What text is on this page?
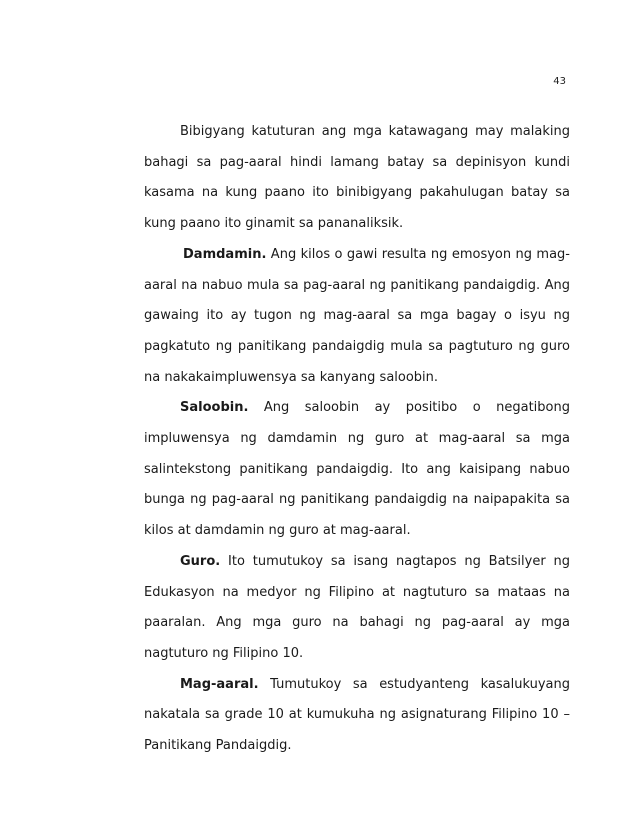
43

Bibigyang katuturan ang mga katawagang may malaking bahagi sa pag-aaral hindi lamang batay sa depinisyon kundi kasama na kung paano ito binibigyang pakahulugan batay sa kung paano ito ginamit sa pananaliksik.

Damdamin. Ang kilos o gawi resulta ng emosyon ng mag-aaral na nabuo mula sa pag-aaral ng panitikang pandaigdig. Ang gawaing ito ay tugon ng mag-aaral sa mga bagay o isyu ng pagkatuto ng panitikang pandaigdig mula sa pagtuturo ng guro na nakakaimpluwensya sa kanyang saloobin.

Saloobin. Ang saloobin ay positibo o negatibong impluwensya ng damdamin ng guro at mag-aaral sa mga salintekstong panitikang pandaigdig. Ito ang kaisipang nabuo bunga ng pag-aaral ng panitikang pandaigdig na naipapakita sa kilos at damdamin ng guro at mag-aaral.

Guro. Ito tumutukoy sa isang nagtapos ng Batsilyer ng Edukasyon na medyor ng Filipino at nagtuturo sa mataas na paaralan. Ang mga guro na bahagi ng pag-aaral ay mga nagtuturo ng Filipino 10.

Mag-aaral. Tumutukoy sa estudyanteng kasalukuyang nakatala sa grade 10 at kumukuha ng asignaturang Filipino 10 – Panitikang Pandaigdig.
